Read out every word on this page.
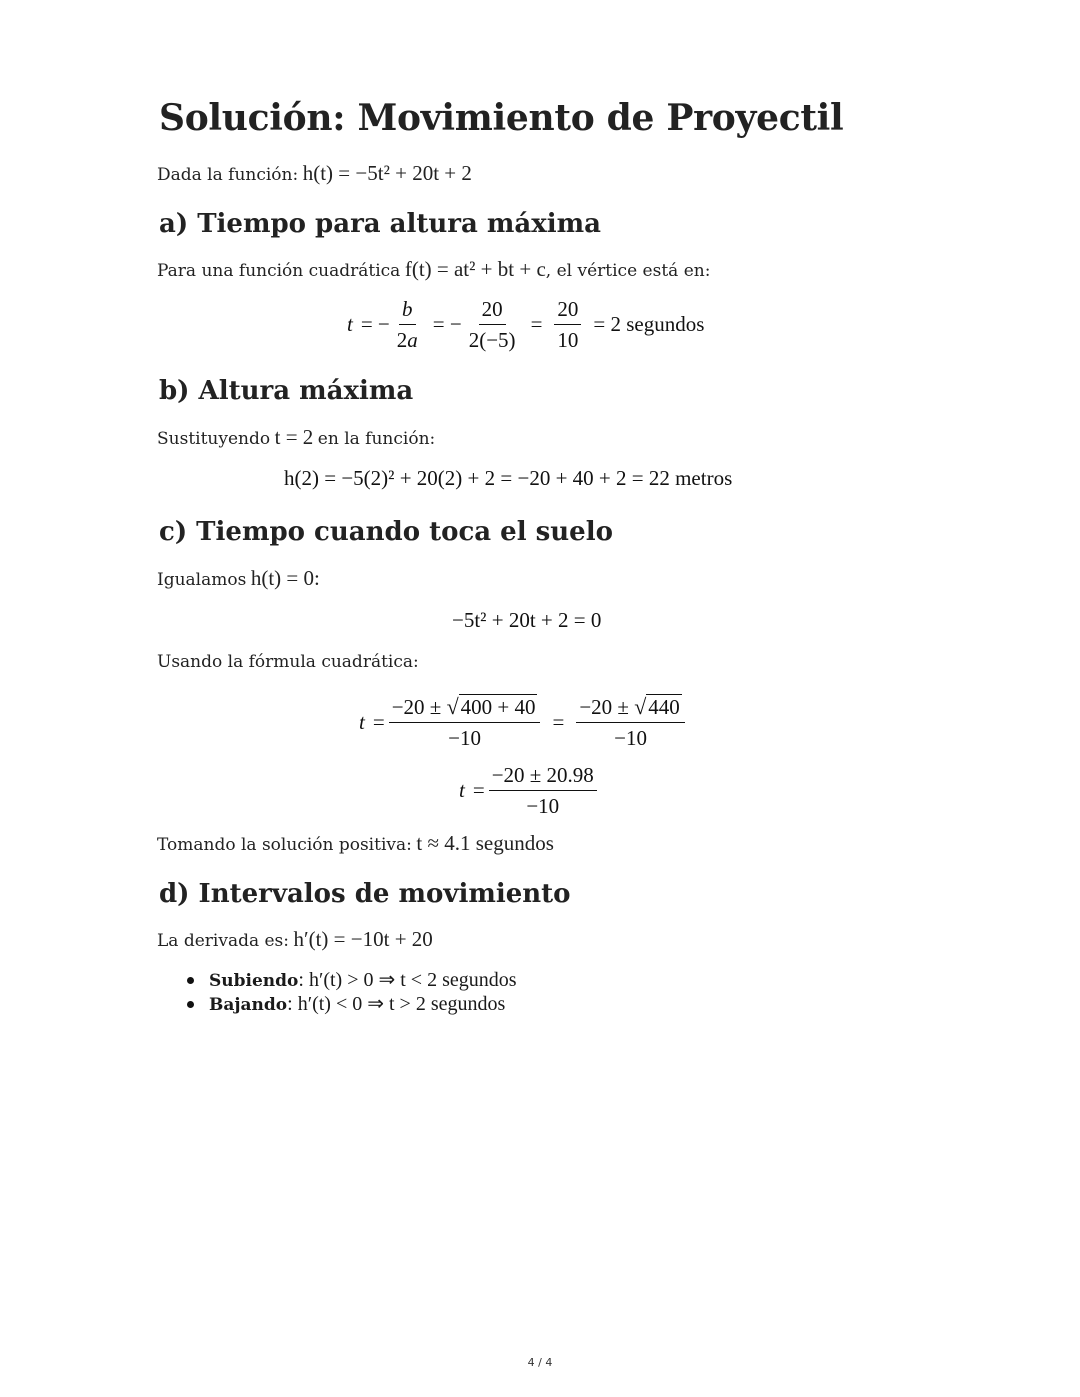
Solución: Movimiento de Proyectil

Dada la función: h(t) = −5t² + 20t + 2

a) Tiempo para altura máxima

Para una función cuadrática f(t) = at² + bt + c, el vértice está en:

t = − $\frac{b}{2a}$ = − $\frac{20}{2(-5)} = \frac{20}{10} = 2$ segundos
b) Altura máxima

Sustituyendo t = 2 en la función:

h(2) = −5(2)² + 20(2) + 2 = −20 + 40 + 2 = 22 metros
c) Tiempo cuando toca el suelo

Igualamos h(t) = 0:

−5t² + 20t + 2 = 0

Usando la fórmula cuadrática:

$t = \frac{-20 \pm √ 400 + 40}{-10} = \frac{-20 \pm √ 440}{-10}$
$t = \frac{-20 \pm 20.98}{-10}$

Tomando la solución positiva: t ≈ 4.1 segundos

d) Intervalos de movimiento

La derivada es: h′(t) = −10t + 20

Subiendo: h′(t) > 0 ⇒ t < 2 segundos
Bajando: h′(t) < 0 ⇒ t > 2 segundos
4 / 4
